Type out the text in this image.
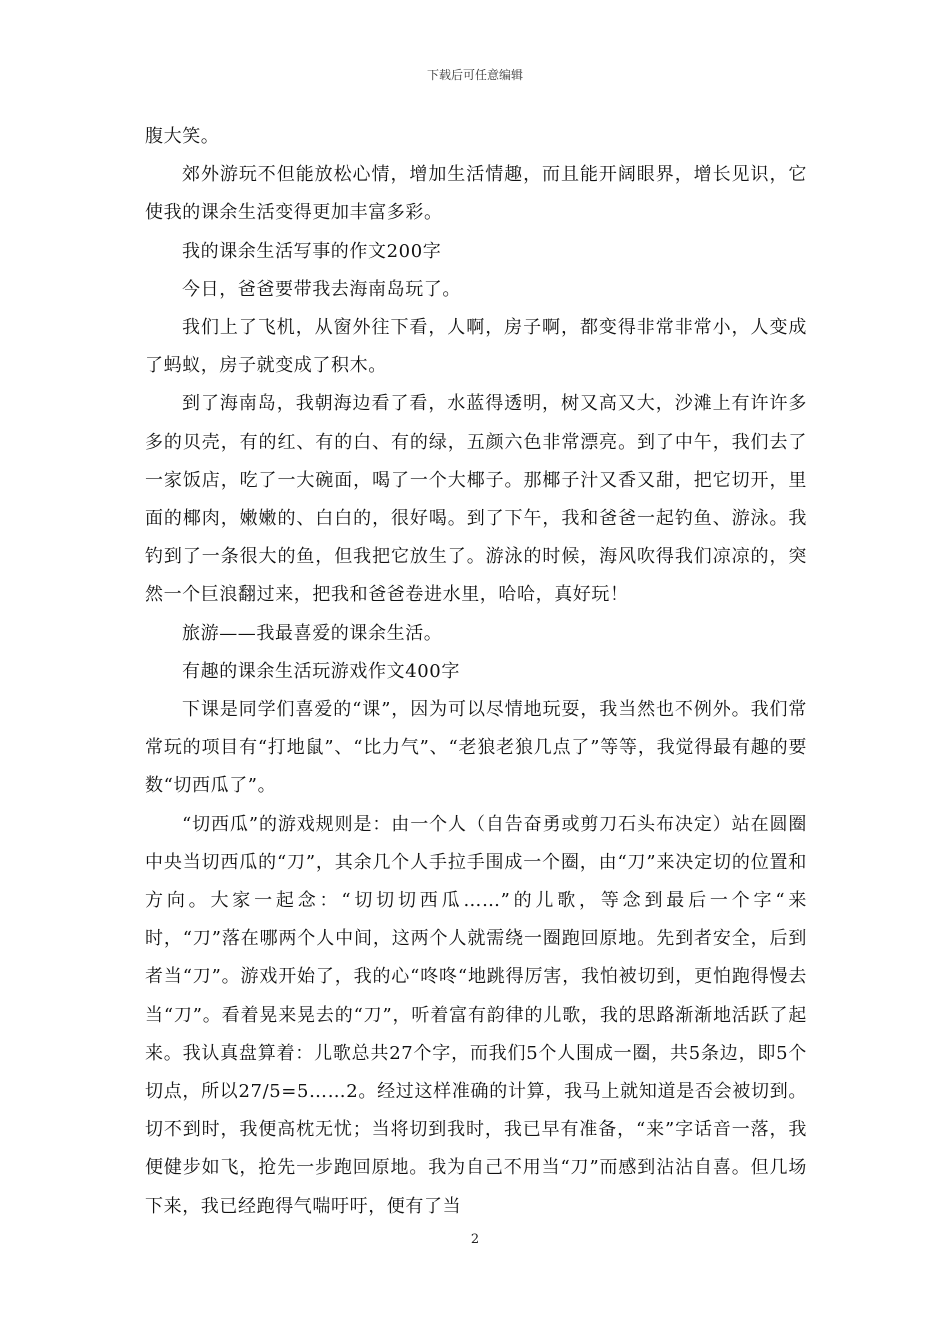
下载后可任意编辑

腹大笑。

郊外游玩不但能放松心情，增加生活情趣，而且能开阔眼界，增长见识，它使我的课余生活变得更加丰富多彩。

我的课余生活写事的作文200字

今日，爸爸要带我去海南岛玩了。

我们上了飞机，从窗外往下看，人啊，房子啊，都变得非常非常小，人变成了蚂蚁，房子就变成了积木。

到了海南岛，我朝海边看了看，水蓝得透明，树又高又大，沙滩上有许许多多的贝壳，有的红、有的白、有的绿，五颜六色非常漂亮。到了中午，我们去了一家饭店，吃了一大碗面，喝了一个大椰子。那椰子汁又香又甜，把它切开，里面的椰肉，嫩嫩的、白白的，很好喝。到了下午，我和爸爸一起钓鱼、游泳。我钓到了一条很大的鱼，但我把它放生了。游泳的时候，海风吹得我们凉凉的，突然一个巨浪翻过来，把我和爸爸卷进水里，哈哈，真好玩！

旅游——我最喜爱的课余生活。

有趣的课余生活玩游戏作文400字

下课是同学们喜爱的“课”，因为可以尽情地玩耍，我当然也不例外。我们常常玩的项目有“打地鼠”、“比力气”、“老狼老狼几点了”等等，我觉得最有趣的要数“切西瓜了”。

“切西瓜”的游戏规则是：由一个人（自告奋勇或剪刀石头布决定）站在圆圈中央当切西瓜的“刀”，其余几个人手拉手围成一个圈，由“刀”来决定切的位置和方向。大家一起念：“切切切西瓜……”的儿歌，等念到最后一个字“来时，“刀”落在哪两个人中间，这两个人就需绕一圈跑回原地。先到者安全，后到者当“刀”。游戏开始了，我的心“咚咚“地跳得厉害，我怕被切到，更怕跑得慢去当“刀”。看着晃来晃去的“刀”，听着富有韵律的儿歌，我的思路渐渐地活跃了起来。我认真盘算着：儿歌总共27个字，而我们5个人围成一圈，共5条边，即5个切点，所以27/5=5……2。经过这样准确的计算，我马上就知道是否会被切到。切不到时，我便高枕无忧；当将切到我时，我已早有准备，“来”字话音一落，我便健步如飞，抢先一步跑回原地。我为自己不用当“刀”而感到沾沾自喜。但几场下来，我已经跑得气喘吁吁，便有了当

2
